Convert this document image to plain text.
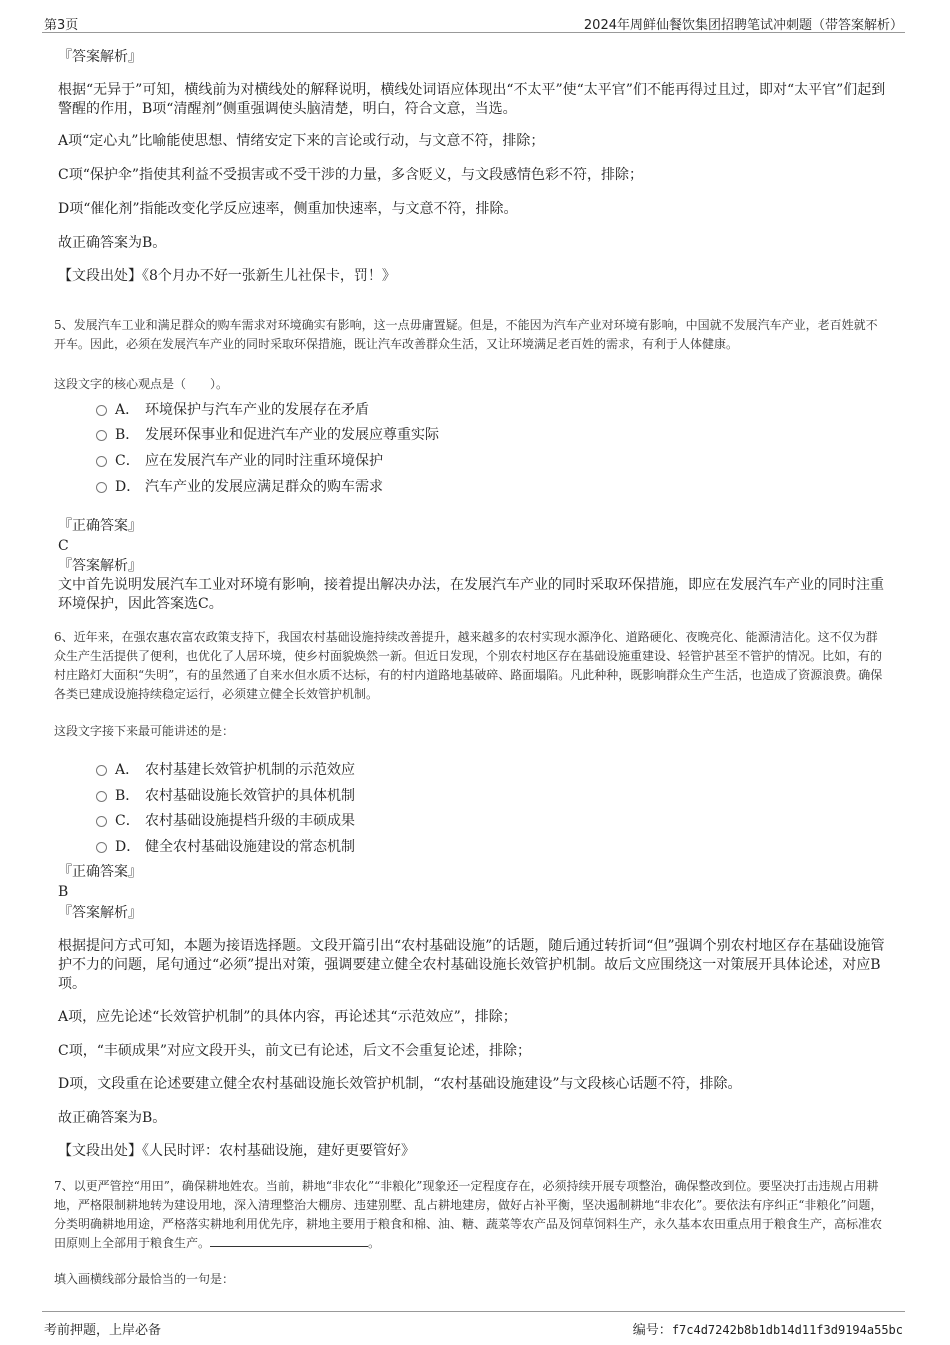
第3页	2024年周鲜仙餐饮集团招聘笔试冲刺题（带答案解析）
『答案解析』
根据“无异于”可知，横线前为对横线处的解释说明，横线处词语应体现出“不太平”使“太平官”们不能再得过且过，即对“太平官”们起到警醒的作用，B项“清醒剂”侧重强调使头脑清楚，明白，符合文意，当选。
A项“定心丸”比喻能使思想、情绪安定下来的言论或行动，与文意不符，排除；
C项“保护伞”指使其利益不受损害或不受干涉的力量，多含贬义，与文段感情色彩不符，排除；
D项“催化剂”指能改变化学反应速率，侧重加快速率，与文意不符，排除。
故正确答案为B。
【文段出处】《8个月办不好一张新生儿社保卡，罚！》
5、发展汽车工业和满足群众的购车需求对环境确实有影响，这一点毋庸置疑。但是，不能因为汽车产业对环境有影响，中国就不发展汽车产业，老百姓就不开车。因此，必须在发展汽车产业的同时采取环保措施，既让汽车改善群众生活，又让环境满足老百姓的需求，有利于人体健康。
这段文字的核心观点是（　　）。
A． 环境保护与汽车产业的发展存在矛盾
B． 发展环保事业和促进汽车产业的发展应尊重实际
C． 应在发展汽车产业的同时注重环境保护
D． 汽车产业的发展应满足群众的购车需求
『正确答案』
C
『答案解析』
文中首先说明发展汽车工业对环境有影响，接着提出解决办法，在发展汽车产业的同时采取环保措施，即应在发展汽车产业的同时注重环境保护，因此答案选C。
6、近年来，在强农惠农富农政策支持下，我国农村基础设施持续改善提升，越来越多的农村实现水源净化、道路硬化、夜晚亮化、能源清洁化。这不仅为群众生产生活提供了便利，也优化了人居环境，使乡村面貌焕然一新。但近日发现，个别农村地区存在基础设施重建设、轻管护甚至不管护的情况。比如，有的村庄路灯大面积“失明”，有的虽然通了自来水但水质不达标，有的村内道路地基破碎、路面塌陷。凡此种种，既影响群众生产生活，也造成了资源浪费。确保各类已建成设施持续稳定运行，必须建立健全长效管护机制。
这段文字接下来最可能讲述的是：
A． 农村基建长效管护机制的示范效应
B． 农村基础设施长效管护的具体机制
C． 农村基础设施提档升级的丰硕成果
D． 健全农村基础设施建设的常态机制
『正确答案』
B
『答案解析』
根据提问方式可知，本题为接语选择题。文段开篇引出“农村基础设施”的话题，随后通过转折词“但”强调个别农村地区存在基础设施管护不力的问题，尾句通过“必须”提出对策，强调要建立健全农村基础设施长效管护机制。故后文应围绕这一对策展开具体论述，对应B项。
A项，应先论述“长效管护机制”的具体内容，再论述其“示范效应”，排除；
C项，“丰硕成果”对应文段开头，前文已有论述，后文不会重复论述，排除；
D项，文段重在论述要建立健全农村基础设施长效管护机制，“农村基础设施建设”与文段核心话题不符，排除。
故正确答案为B。
【文段出处】《人民时评：农村基础设施，建好更要管好》
7、以更严管控“用田”，确保耕地姓农。当前，耕地“非农化”“非粮化”现象还一定程度存在，必须持续开展专项整治，确保整改到位。要坚决打击违规占用耕地，严格限制耕地转为建设用地，深入清理整治大棚房、违建别墅、乱占耕地建房，做好占补平衡，坚决遏制耕地“非农化”。要依法有序纠正“非粮化”问题，分类明确耕地用途，严格落实耕地利用优先序，耕地主要用于粮食和棉、油、糖、蔬菜等农产品及饲草饲料生产，永久基本农田重点用于粮食生产，高标准农田原则上全部用于粮食生产。	。
填入画横线部分最恰当的一句是：
考前押题，上岸必备	编号：f7c4d7242b8b1db14d11f3d9194a55bc
